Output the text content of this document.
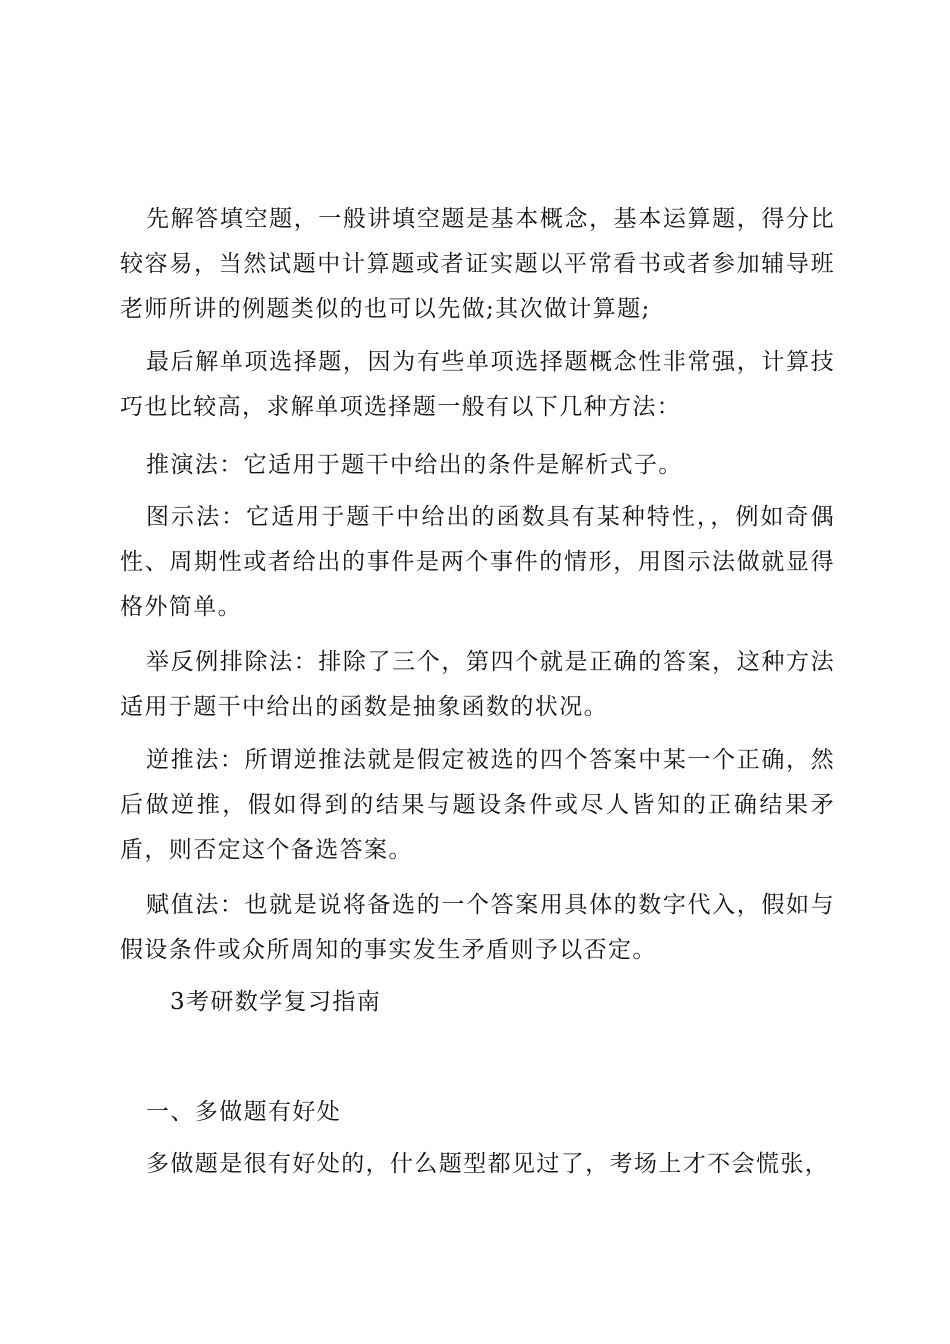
先解答填空题，一般讲填空题是基本概念，基本运算题，得分比较容易，当然试题中计算题或者证实题以平常看书或者参加辅导班老师所讲的例题类似的也可以先做;其次做计算题;

最后解单项选择题，因为有些单项选择题概念性非常强，计算技巧也比较高，求解单项选择题一般有以下几种方法：

推演法：它适用于题干中给出的条件是解析式子。

图示法：它适用于题干中给出的函数具有某种特性，，例如奇偶性、周期性或者给出的事件是两个事件的情形，用图示法做就显得格外简单。

举反例排除法：排除了三个，第四个就是正确的答案，这种方法适用于题干中给出的函数是抽象函数的状况。

逆推法：所谓逆推法就是假定被选的四个答案中某一个正确，然后做逆推，假如得到的结果与题设条件或尽人皆知的正确结果矛盾，则否定这个备选答案。

赋值法：也就是说将备选的一个答案用具体的数字代入，假如与假设条件或众所周知的事实发生矛盾则予以否定。

3考研数学复习指南

一、多做题有好处

多做题是很有好处的，什么题型都见过了，考场上才不会慌张，
